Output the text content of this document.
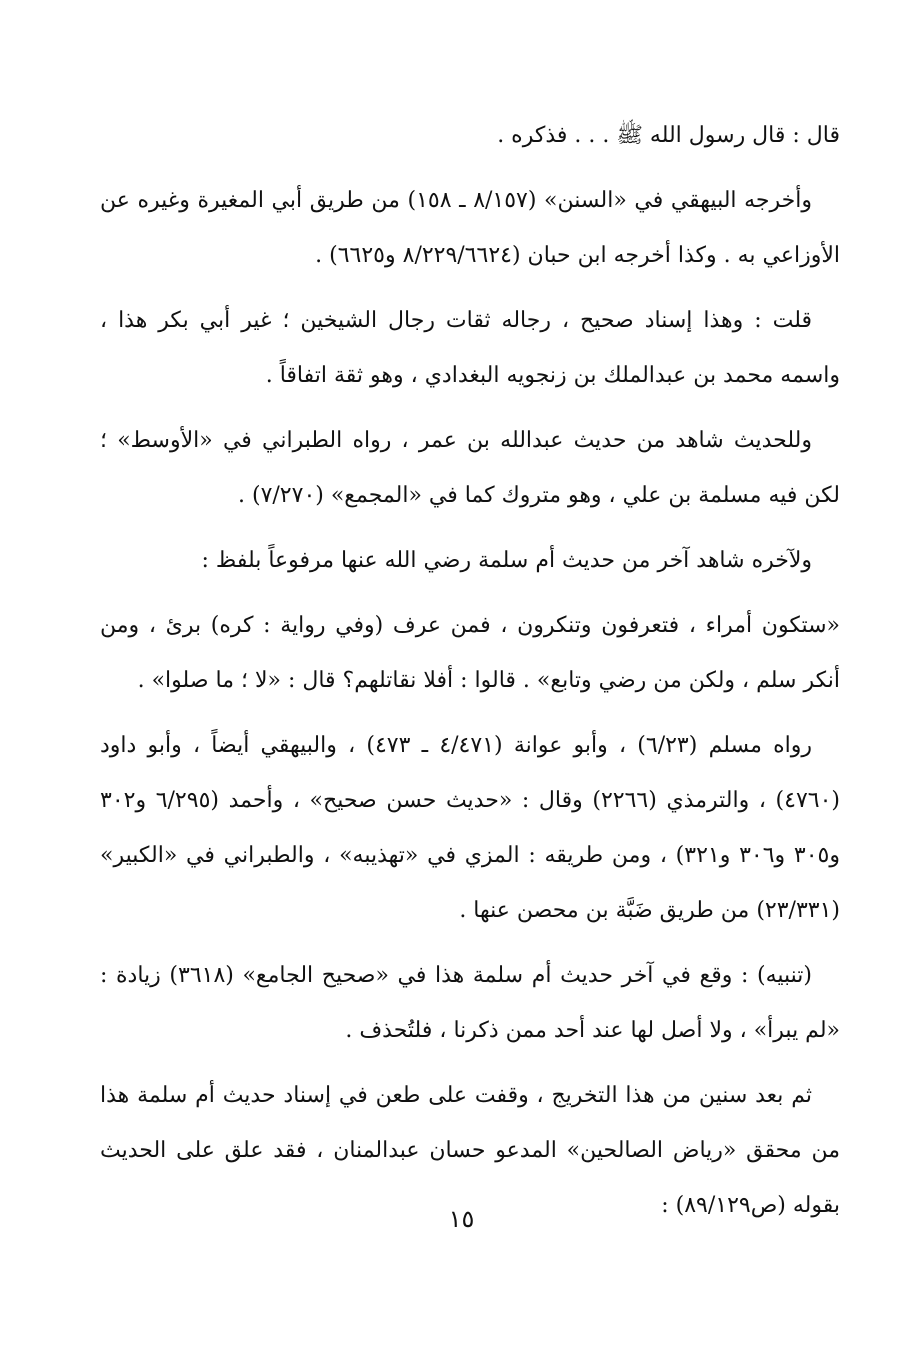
قال : قال رسول الله ﷺ . . . فذكره .

وأخرجه البيهقي في «السنن» (٨/١٥٧ ـ ١٥٨) من طريق أبي المغيرة وغيره عن الأوزاعي به . وكذا أخرجه ابن حبان (٨/٢٢٩/٦٦٢٤ و٦٦٢٥) .

قلت : وهذا إسناد صحيح ، رجاله ثقات رجال الشيخين ؛ غير أبي بكر هذا ، واسمه محمد بن عبدالملك بن زنجويه البغدادي ، وهو ثقة اتفاقاً .

وللحديث شاهد من حديث عبدالله بن عمر ، رواه الطبراني في «الأوسط» ؛ لكن فيه مسلمة بن علي ، وهو متروك كما في «المجمع» (٧/٢٧٠) .

ولآخره شاهد آخر من حديث أم سلمة رضي الله عنها مرفوعاً بلفظ :

«ستكون أمراء ، فتعرفون وتنكرون ، فمن عرف (وفي رواية : كره) برئ ، ومن أنكر سلم ، ولكن من رضي وتابع» . قالوا : أفلا نقاتلهم؟ قال : «لا ؛ ما صلوا» .

رواه مسلم (٦/٢٣) ، وأبو عوانة (٤/٤٧١ ـ ٤٧٣) ، والبيهقي أيضاً ، وأبو داود (٤٧٦٠) ، والترمذي (٢٢٦٦) وقال : «حديث حسن صحيح» ، وأحمد (٦/٢٩٥ و٣٠٢ و٣٠٥ و٣٠٦ و٣٢١) ، ومن طريقه : المزي في «تهذيبه» ، والطبراني في «الكبير» (٢٣/٣٣١) من طريق ضَبَّة بن محصن عنها .

(تنبيه) : وقع في آخر حديث أم سلمة هذا في «صحيح الجامع» (٣٦١٨) زيادة : «لم يبرأ» ، ولا أصل لها عند أحد ممن ذكرنا ، فلتُحذف .

ثم بعد سنين من هذا التخريج ، وقفت على طعن في إسناد حديث أم سلمة هذا من محقق «رياض الصالحين» المدعو حسان عبدالمنان ، فقد علق على الحديث بقوله (ص٨٩/١٢٩) :

١٥
